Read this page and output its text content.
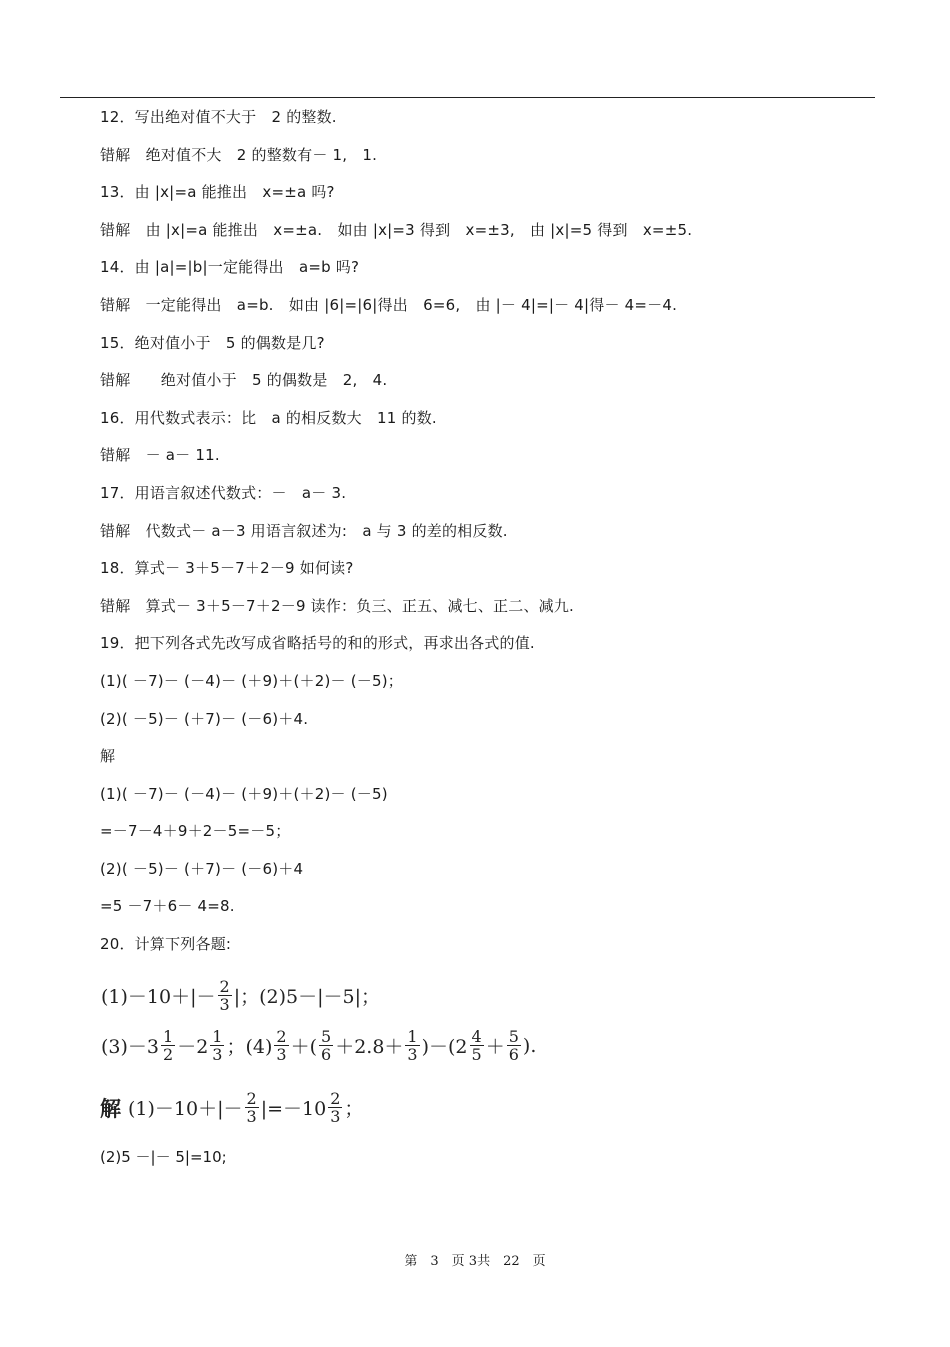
12．写出绝对值不大于　2 的整数.
错解　绝对值不大　2 的整数有－ 1,　1.
13．由 |x|=a 能推出　x=±a 吗?
错解　由 |x|=a 能推出　x=±a.　如由 |x|=3 得到　x=±3,　由 |x|=5 得到　x=±5.
14．由 |a|=|b|一定能得出　a=b 吗?
错解　一定能得出　a=b.　如由 |6|=|6|得出　6=6,　由 |－ 4|=|－ 4|得－ 4=－4.
15．绝对值小于　5 的偶数是几?
错解　　绝对值小于　5 的偶数是　2,　4.
16．用代数式表示：比　a 的相反数大　11 的数.
错解　－ a－ 11.
17．用语言叙述代数式：－　a－ 3.
错解　代数式－ a－3 用语言叙述为:　a 与 3 的差的相反数.
18．算式－ 3＋5－7＋2－9 如何读?
错解　算式－ 3＋5－7＋2－9 读作：负三、正五、减七、正二、减九.
19．把下列各式先改写成省略括号的和的形式，再求出各式的值.
(1)( －7)－ (－4)－ (＋9)＋(＋2)－ (－5)；
(2)( －5)－ (＋7)－ (－6)＋4.
解
(1)( －7)－ (－4)－ (＋9)＋(＋2)－ (－5)
=－7－4＋9＋2－5=－5；
(2)( －5)－ (＋7)－ (－6)＋4
=5 －7＋6－ 4=8.
20．计算下列各题:
$(1)-10+|- \frac{2}{3}$ |；(2)5－|－5|；
$(3)-3 \frac{1}{2} -2 \frac{1}{3}$ ；$(4) \frac{2}{3}$ ＋( $\frac{5}{6} +2.8+ \frac{1}{3} )-(2 \frac{4}{5} + \frac{5}{6}$ ).
解 $(1)-10+|- \frac{2}{3} |=-10 \frac{2}{3}$ ；
(2)5 －|－ 5|=10;
第　3　页 3共　22　页
